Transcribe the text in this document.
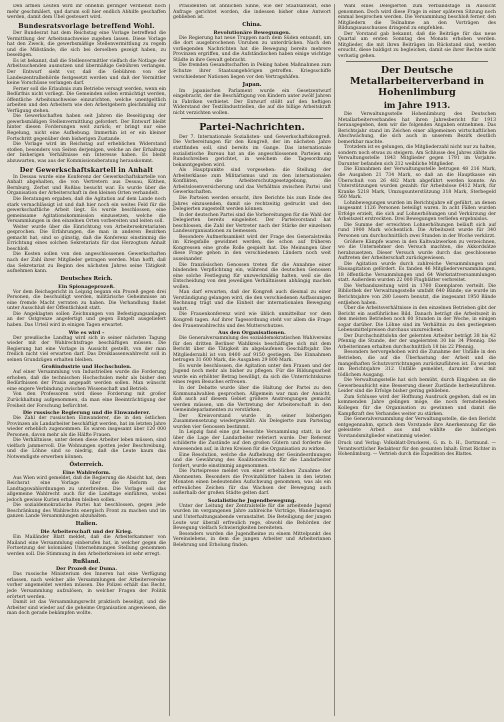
Den armen Leuten wird ihr ohnehin geringer Verdienst noch mehr geschmälert, und darum soll hier endlich Abhilfe geschaffen werden, damit dem Übel gesteuert wird.

Bundesratsvorlage betreffend Wohl.

Der Bundesrat hat dem Reichstag eine Vorlage betreffend die Vermittlung der Arbeitsnachweise zugehen lassen. Diese Vorlage hat den Zweck, die gewerbsmäßige Stellenvermittlung zu regeln und die Mißstände, die sich bei derselben gezeigt haben, zu beseitigen.

Es ist bekannt, daß die Stellenvermittler vielfach die Notlage der Arbeitsuchenden ausnutzen und übermäßige Gebühren verlangen. Der Entwurf sieht vor, daß die Gebühren von der Landeszentralbehörde festgesetzt werden und daß der Vermittler keine Vorschüsse verlangen darf.

Ferner soll die Erlaubnis zum Betriebe versagt werden, wenn ein Bedürfnis nicht vorliegt. Die Gemeinden sollen ermächtigt werden, öffentliche Arbeitsnachweise einzurichten, welche unentgeltlich arbeiten und den Arbeitern wie den Arbeitgebern gleichmäßig zur Verfügung stehen.

Die Gewerkschaften haben seit Jahren die Beseitigung der gewerbsmäßigen Stellenvermittlung gefordert. Der Entwurf bleibt hinter diesen Forderungen weit zurück; er bringt nur eine Regelung, nicht eine Aufhebung. Immerhin ist er ein kleiner Fortschritt gegenüber dem bisherigen Zustande.

Die Vorlage wird im Reichstag auf erheblichen Widerstand stoßen, besonders von Seiten derjenigen, welche an der Erhaltung der bisherigen Verhältnisse ein Interesse haben. Es bleibt abzuwarten, was aus der Kommissionsberatung herauskommt.

Der Gewerkschaftskartell in Anhalt

In Dessau wurde eine Konferenz der Gewerkschaftskartelle von Anhalt abgehalten, die von Vertretern aus Dessau, Köthen, Bernburg, Zerbst und Roßlau besucht war. Es wurde über die Organisation der Arbeiterschaft in den kleinen Orten verhandelt.

Die Beratungen ergaben, daß die Agitation auf dem Lande noch stark vernachlässigt ist und daß hier noch ein weites Feld für die gewerkschaftliche Arbeit liegt. Es wurde beschlossen, eine gemeinsame Agitationskommission einzusetzen, welche die Versammlungen in den einzelnen Orten vorbereiten und leiten soll.

Weiter wurde über die Einrichtung von Arbeitersekretariaten gesprochen. Die Erfahrungen, die man in anderen Bezirken gemacht hat, sind so günstig, daß die Konferenz einstimmig die Errichtung eines solchen Sekretariats für das Herzogtum Anhalt beschloß.

Die Kosten sollen von den angeschlossenen Gewerkschaften nach der Zahl ihrer Mitglieder getragen werden. Man hofft, daß das Sekretariat zu Beginn des nächsten Jahres seine Tätigkeit aufnehmen kann.

Deutsches Reich.
Ein Spionageprozeß.

Vor dem Reichsgericht in Leipzig begann ein Prozeß gegen drei Personen, die beschuldigt werden, militärische Geheimnisse an eine fremde Macht verraten zu haben. Die Verhandlung findet unter Ausschluß der Öffentlichkeit statt.

Die Angeklagten sollen Zeichnungen von Befestigungsanlagen an der Ostgrenze angefertigt und gegen Entgelt ausgeliefert haben. Das Urteil wird in einigen Tagen erwartet.

Wie es wird –

Der preußische Landtag wird sich in seiner nächsten Tagung wieder mit der Wahlrechtsfrage beschäftigen müssen. Die Regierung hat eine Vorlage in Aussicht gestellt, von der man freilich nicht viel erwarten darf. Das Dreiklassenwahlrecht soll in seinen Grundzügen erhalten bleiben.

Großindustrie und Hochschulen.

Auf einer Versammlung von Industriellen wurde die Forderung erhoben, daß die technischen Hochschulen mehr als bisher den Bedürfnissen der Praxis angepaßt werden sollen. Man wünscht eine engere Verbindung zwischen Wissenschaft und Betrieb.

Von den Professoren wird diese Forderung mit großer Zurückhaltung aufgenommen, da man eine Beeinträchtigung der Freiheit der Forschung befürchtet.

Die russische Regierung und die Einwanderer.

Die Zahl der russischen Einwanderer, die in den östlichen Provinzen als Landarbeiter beschäftigt werden, hat im letzten Jahre wieder erheblich zugenommen. Es waren insgesamt über 120 000 Personen, davon mehr als die Hälfte Frauen.

Die Verhältnisse, unter denen diese Arbeiter leben müssen, sind vielfach jammervoll. Die Wohnungen spotten jeder Beschreibung, und die Löhne sind so niedrig, daß die Leute kaum das Notwendigste erwerben können.

Österreich.
Eine Wahlreform.

Aus Wien wird gemeldet, daß die Regierung die Absicht hat, dem Reichsrat eine Vorlage über die Reform der Landtagswahlordnungen zu unterbreiten. Die Vorlage soll das allgemeine Wahlrecht auch für die Landtage einführen, wobei jedoch gewisse Kurien erhalten bleiben sollen.

Die sozialdemokratische Partei hat beschlossen, gegen jede Beschränkung des Wahlrechts energisch Front zu machen und im ganzen Lande Versammlungen abzuhalten.

Italien.
Die Arbeiterschaft und der Krieg.

Ein Mailänder Blatt meldet, daß die Arbeiterkammer von Mailand eine Versammlung einberufen hat, in welcher gegen die Fortsetzung der kolonialen Unternehmungen Stellung genommen werden soll. Die Stimmung in den Arbeiterkreisen ist sehr erregt.

Rußland.
Der Prozeß der Duma.

Das russische Ministerium des Inneren hat eine Verfügung erlassen, nach welcher alle Versammlungen der Arbeitervereine vorher angemeldet werden müssen. Die Polizei erhält das Recht, jede Versammlung aufzulösen, in welcher Fragen der Politik erörtert werden.

Damit ist das Versammlungsrecht praktisch beseitigt, und die Arbeiter sind wieder auf die geheime Organisation angewiesen, die man doch gerade bekämpfen wollte.

Präsidenten ist ähnlichen Sinne, wie der Staatsanwalt, eine Anfrage gerichtet worden, die indessen bisher ohne Antwort geblieben ist.

China.
Revolutionäre Bewegungen.

Die Regierung hat neue Truppen nach dem Süden entsandt, um die dort ausgebrochenen Unruhen zu unterdrücken. Nach den vorliegenden Nachrichten hat die Bewegung bereits mehrere Provinzen ergriffen, und die Aufständischen haben einige wichtige Städte in ihre Gewalt gebracht.

Die fremden Gesandtschaften in Peking haben Maßnahmen zum Schutze ihrer Staatsangehörigen getroffen. Kriegsschiffe verschiedener Nationen liegen vor den Vertragshäfen.

Japan.

Im japanischen Parlament wurde ein Gesetzentwurf eingebracht, der die Beschäftigung von Kindern unter zwölf Jahren in Fabriken verbietet. Der Entwurf stößt auf den heftigen Widerstand der Textilindustriellen, die auf die billige Arbeitskraft nicht verzichten wollen.

Partei-Nachrichten.

Der 7. Internationale Sozialisten- und Gewerkschaftskongreß. Die Vorbereitungen für den Kongreß, der im nächsten Jahre stattfinden soll, sind bereits im Gange. Das internationale sozialistische Bureau hat an die angeschlossenen Parteien ein Rundschreiben gerichtet, in welchem die Tagesordnung bekanntgegeben wird.

Als Hauptpunkte sind vorgesehen: die Stellung der Arbeiterklasse zum Militarismus und zu den internationalen Konflikten, die Arbeiterschutzgesetzgebung, die Arbeitslosenversicherung und das Verhältnis zwischen Partei und Gewerkschaften.

Die Parteien werden ersucht, ihre Berichte bis zum Ende des Jahres einzusenden, damit sie rechtzeitig gedruckt und den Delegierten zugestellt werden können.

In der deutschen Partei sind die Vorbereitungen für die Wahl der Delegierten bereits eingeleitet. Der Parteivorstand hat beschlossen, die Zahl der Vertreter nach der Stärke der einzelnen Landesorganisationen zu bemessen.

Besondere Aufmerksamkeit wird der Frage des Generalstreiks im Kriegsfalle gewidmet werden, die schon auf früheren Kongressen eine große Rolle gespielt hat. Die Meinungen über diese Frage gehen in den verschiedenen Ländern noch weit auseinander.

Die französischen Genossen treten für die Annahme einer bindenden Verpflichtung ein, während die deutschen Genossen eine solche Festlegung für unzweckmäßig halten, weil sie die Entscheidung von den jeweiligen Verhältnissen abhängig machen wollen.

Man darf erwarten, daß der Kongreß auch diesmal zu einer Verständigung gelangen wird, die den verschiedenen Auffassungen Rechnung trägt und die Einheit der internationalen Bewegung wahrt.

Die Frauenkonferenz wird wie üblich unmittelbar vor dem Kongreß tagen. Auf ihrer Tagesordnung steht vor allem die Frage des Frauenwahlrechts und des Mutterschutzes.

Aus den Organisationen.

Die Generalversammlung des sozialdemokratischen Wahlvereins für den dritten Berliner Wahlkreis beschäftigte sich mit dem Bericht über die Tätigkeit im abgelaufenen Geschäftsjahr. Die Mitgliederzahl ist von 8400 auf 9150 gestiegen. Die Einnahmen betrugen 31 600 Mark, die Ausgaben 29 800 Mark.

Es wurde beschlossen, die Agitation unter den Frauen und der Jugend noch mehr als bisher zu pflegen. Für die Bildungsarbeit wurde ein erhöhter Betrag bewilligt, da sich die Unterrichtskurse eines regen Besuches erfreuen.

In der Debatte wurde über die Haltung der Partei zu den Kommunalwahlen gesprochen. Allgemein war man der Ansicht, daß auch auf diesem Gebiet größere Anstrengungen gemacht werden müssen, um die Vertretung der Arbeiterschaft in den Gemeindeparlamenten zu verstärken.

Der Kreisvorstand wurde in seiner bisherigen Zusammensetzung wiedergewählt. Als Delegierte zum Parteitag wurden vier Genossen bestimmt.

In Leipzig fand eine gut besuchte Versammlung statt, in der über die Lage der Landarbeiter referiert wurde. Der Referent schilderte die Zustände auf den großen Gütern und forderte die Anwesenden auf, in ihren Kreisen für die Organisation zu wirken.

Eine Resolution, welche die Aufhebung der Gesindeordnungen und die Gewährung des Koalitionsrechts für die Landarbeiter fordert, wurde einstimmig angenommen.

Die Parteipresse meldet von einer erheblichen Zunahme der Abonnenten. Besonders die Provinzblätter haben in den letzten Monaten einen bedeutenden Aufschwung genommen, was als ein erfreuliches Zeichen für das Wachsen der Bewegung auch außerhalb der großen Städte gelten darf.

Sozialistische Jugendbewegung.

Unter der Leitung der Zentralstelle für die arbeitende Jugend wurden im vergangenen Jahre zahlreiche Vorträge, Wanderungen und Unterhaltungsabende veranstaltet. Die Beteiligung der jungen Leute war überall erfreulich rege, obwohl die Behörden der Bewegung vielfach Schwierigkeiten bereiteten.

Besonders wurden die Jugendheime zu einem Mittelpunkt des Vereinslebens, in dem die jungen Arbeiter und Arbeiterinnen Belehrung und Erholung finden.

Wahl eines Delegierten zum Verbandstage in Aussicht genommen. Doch wird diese Frage in einer späteren Sitzung noch einmal besprochen werden. Die Versammlung beschloß ferner, den Mitgliedern die Teilnahme an den Vorträgen des Bildungsausschusses dringend zu empfehlen.

Der Vorstand gab bekannt, daß die Beiträge für das neue Quartal am ersten Sonntag des Monats erhoben werden. Mitglieder, die mit ihren Beiträgen im Rückstand sind, werden ersucht, diese baldigst zu begleichen, damit sie ihrer Rechte nicht verlustig gehen.

Der Deutsche Metallarbeiterverband in Hohenlimburg
im Jahre 1913.

Die Verwaltungsstelle Hohenlimburg des Deutschen Metallarbeiterverbandes hat ihren Jahresbericht für 1913 herausgegeben, dem wir die folgenden Angaben entnehmen. Das Berichtsjahr stand im Zeichen einer allgemeinen wirtschaftlichen Abschwächung, die sich auch in unserem Bezirk deutlich bemerkbar machte.

Trotzdem ist es gelungen, die Mitgliederzahl nicht nur zu halten, sondern noch etwas zu steigern. Am Schlusse des Jahres zählte die Verwaltungsstelle 1843 Mitglieder gegen 1791 im Vorjahre. Darunter befanden sich 212 weibliche Mitglieder.

Die Einnahmen der Verwaltungsstelle betrugen 48 216 Mark, die Ausgaben 21 734 Mark, so daß an die Hauptkasse ein Überschuß von 26 482 Mark abgeführt werden konnte. An Unterstützungen wurden gezahlt: für Arbeitslose 6412 Mark, für Kranke 5218 Mark, Umzugsunterstützung 318 Mark, Sterbegeld 560 Mark.

Lohnbewegungen wurden im Berichtsjahre elf geführt, an denen insgesamt 1126 Personen beteiligt waren. In acht Fällen wurden Erfolge erzielt, die sich auf Lohnerhöhungen und Verkürzung der Arbeitszeit erstreckten. Drei Bewegungen verliefen ergebnislos.

Die Summe der erreichten Lohnerhöhungen beläuft sich auf rund 1900 Mark wöchentlich. Die Arbeitszeit wurde für 340 Personen um durchschnittlich zwei Stunden in der Woche verkürzt.

Größere Kämpfe waren in den Kaltwalzwerken zu verzeichnen, wo die Unternehmer den Versuch machten, die Akkordsätze herabzusetzen. Dieser Versuch wurde durch das geschlossene Auftreten der Arbeiterschaft zurückgewiesen.

Die Agitation wurde durch zahlreiche Versammlungen und Hausagitation gefördert. Es fanden 46 Mitgliederversammlungen, 18 öffentliche Versammlungen und 64 Werkstattversammlungen statt. Außerdem wurden 22 000 Flugblätter verbreitet.

Die Verbandszeitung wird in 1760 Exemplaren verteilt. Die Bibliothek der Verwaltungsstelle umfaßt 640 Bände; sie wurde im Berichtsjahre von 280 Lesern benutzt, die insgesamt 1950 Bände entliehen haben.

Über die Arbeitsverhältnisse in den einzelnen Betrieben gibt der Bericht ein ausführliches Bild. Danach beträgt die Arbeitszeit in den meisten Betrieben noch 60 Stunden in der Woche, in einigen sogar darüber. Die Löhne sind im Verhältnis zu den gestiegenen Lebensmittelpreisen durchaus unzureichend.

Der Durchschnittslohn der gelernten Arbeiter beträgt 38 bis 42 Pfennig die Stunde, der der ungelernten 30 bis 34 Pfennig. Die Arbeiterinnen erhalten durchschnittlich 18 bis 22 Pfennig.

Besonders hervorgehoben wird die Zunahme der Unfälle in den Betrieben, die auf die Überhastung der Arbeit und die mangelhaften Schutzvorrichtungen zurückzuführen ist. Es wurden im Berichtsjahre 312 Unfälle gemeldet, darunter drei mit tödlichem Ausgang.

Die Verwaltungsstelle hat sich bemüht, durch Eingaben an die Gewerbeaufsicht eine Besserung dieser Zustände herbeizuführen. Leider sind die Erfolge bisher gering geblieben.

Zum Schlusse wird der Hoffnung Ausdruck gegeben, daß es im kommenden Jahre gelingen möge, die noch fernstehenden Kollegen für die Organisation zu gewinnen und damit die Kampfkraft des Verbandes weiter zu stärken.

Die Generalversammlung der Verwaltungsstelle, die den Bericht entgegennahm, sprach dem Vorstande ihre Anerkennung für die geleistete Arbeit aus und wählte die bisherigen Vorstandsmitglieder einstimmig wieder.

Druck und Verlag: Volksblatt-Druckerei, G. m. b. H., Dortmund. — Verantwortlicher Redakteur für den gesamten Inhalt: Ernst Richter in Hohenlimburg. — Vertrieb durch die Expedition des Blattes.
